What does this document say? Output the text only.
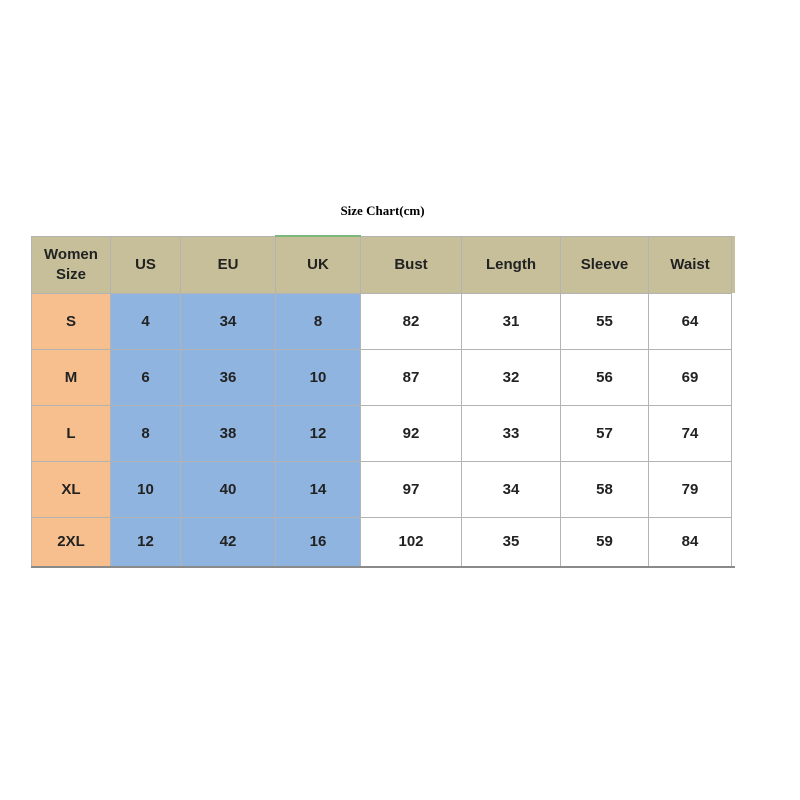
Size Chart(cm)
Women
Size	US	EU	UK	Bust	Length	Sleeve	Waist	
S	4	34	8	82	31	55	64	
M	6	36	10	87	32	56	69	
L	8	38	12	92	33	57	74	
XL	10	40	14	97	34	58	79	
2XL	12	42	16	102	35	59	84	
